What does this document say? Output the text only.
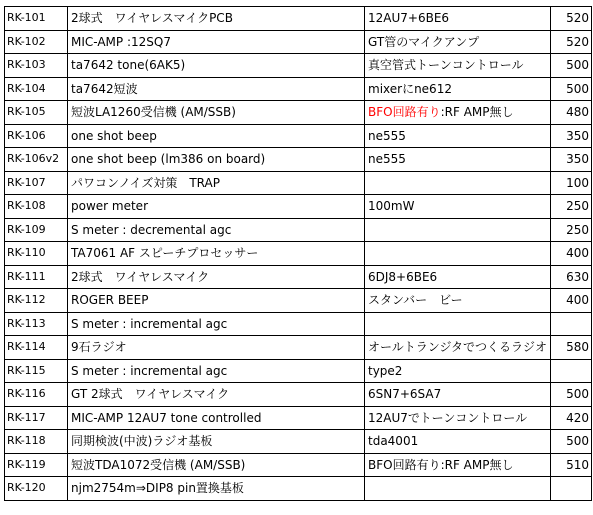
RK-101	2球式　ワイヤレスマイクPCB	12AU7+6BE6	520
RK-102	MIC-AMP :12SQ7	GT管のマイクアンプ	520
RK-103	ta7642 tone(6AK5)	真空管式トーンコントロール	500
RK-104	ta7642短波	mixerにne612	500
RK-105	短波LA1260受信機 (AM/SSB)	BFO回路有り:RF AMP無し	480
RK-106	one shot beep	ne555	350
RK-106v2	one shot beep (lm386 on board)	ne555	350
RK-107	パワコンノイズ対策　TRAP		100
RK-108	power meter	100mW	250
RK-109	S meter : decremental agc		250
RK-110	TA7061 AF スピーチプロセッサー		400
RK-111	2球式　ワイヤレスマイク	6DJ8+6BE6	630
RK-112	ROGER BEEP	スタンバー　ビー	400
RK-113	S meter : incremental agc		
RK-114	9石ラジオ	オールトランジタでつくるラジオ	580
RK-115	S meter : incremental agc	type2	
RK-116	GT 2球式　ワイヤレスマイク	6SN7+6SA7	500
RK-117	MIC-AMP 12AU7 tone controlled	12AU7でトーンコントロール	420
RK-118	同期検波(中波)ラジオ基板	tda4001	500
RK-119	短波TDA1072受信機 (AM/SSB)	BFO回路有り:RF AMP無し	510
RK-120	njm2754m⇒DIP8 pin置換基板		
